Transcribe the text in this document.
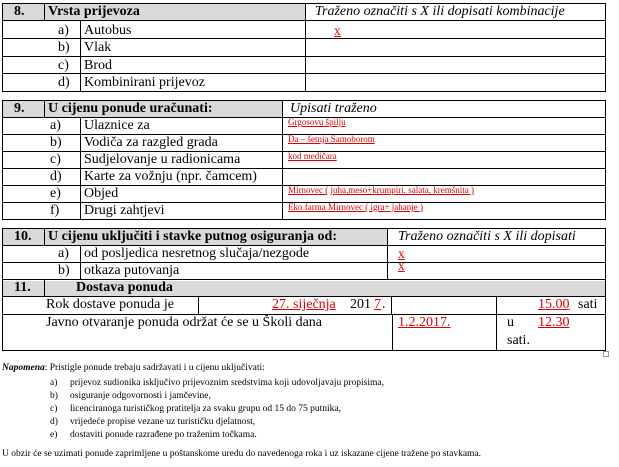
8. Vrsta prijevoza	Traženo označiti s X ili dopisati kombinacije
a) Autobus	x
b) Vlak
c) Brod
d) Kombinirani prijevoz
9. U cijenu ponude uračunati:	Upisati traženo
a) Ulaznice za	Grgosovu špilju
b) Vodiča za razgled grada	Da – šetnja Samoborom
c) Sudjelovanje u radionicama	kod medičara
d) Karte za vožnju (npr. čamcem)
e) Objed	Mirnovec ( juha,meso+krumpiri, salata, kremšnita )
f) Drugi zahtjevi	Eko farma Mirnovec ( igra+ jahanje )
10. U cijenu uključiti i stavke putnog osiguranja od:	Traženo označiti s X ili dopisati
a) od posljedica nesretnog slučaja/nezgode	x
b) otkaza putovanja	x
11.	Dostava ponuda
Rok dostave ponuda je	27. siječnja 201 7 .	15.00 sati
Javno otvaranje ponuda održat će se u Školi dana	1.2.2017.	u 12.30
sati.
Napomena: Pristigle ponude trebaju sadržavati i u cijenu uključivati:
a) prijevoz sudionika isključivo prijevoznim sredstvima koji udovoljavaju propisima,
b) osiguranje odgovornosti i jamčevine,
c) licenciranoga turističkog pratitelja za svaku grupu od 15 do 75 putnika,
d) vrijedeće propise vezane uz turističku djelatnost,
e) dostaviti ponude razrađene po traženim točkama.
U obzir će se uzimati ponude zaprimljene u poštanskome uredu do navedenoga roka i uz iskazane cijene tražene po stavkama.
